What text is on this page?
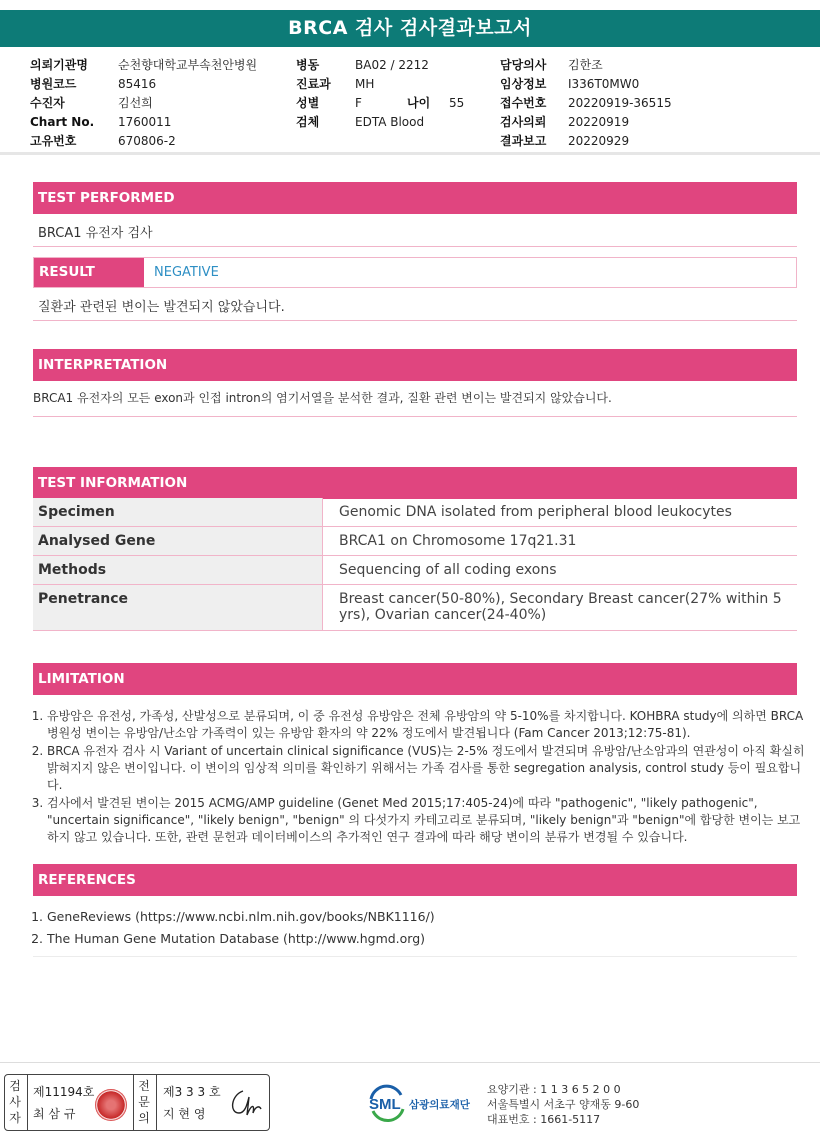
BRCA 검사 검사결과보고서
의뢰기관명	순천향대학교부속천안병원
병원코드	85416
수진자	김선희
Chart No. 1760011
고유번호	670806-2
병동	BA02 / 2212
진료과 MH
성별	F	나이 55
검체	EDTA Blood
담당의사 김한조
임상정보 I336T0MW0
접수번호 20220919-36515
검사의뢰 20220919
결과보고 20220929
TEST PERFORMED
BRCA1 유전자 검사
RESULT	NEGATIVE
질환과 관련된 변이는 발견되지 않았습니다.
INTERPRETATION
BRCA1 유전자의 모든 exon과 인접 intron의 염기서열을 분석한 결과, 질환 관련 변이는 발견되지 않았습니다.
TEST INFORMATION
Specimen	Genomic DNA isolated from peripheral blood leukocytes
Analysed Gene	BRCA1 on Chromosome 17q21.31
Methods	Sequencing of all coding exons
Penetrance	Breast cancer(50-80%), Secondary Breast cancer(27% within 5 yrs), Ovarian cancer(24-40%)
LIMITATION
1. 유방암은 유전성, 가족성, 산발성으로 분류되며, 이 중 유전성 유방암은 전체 유방암의 약 5-10%를 차지합니다. KOHBRA study에 의하면 BRCA 병원성 변이는 유방암/난소암 가족력이 있는 유방암 환자의 약 22% 정도에서 발견됩니다 (Fam Cancer 2013;12:75-81).
2. BRCA 유전자 검사 시 Variant of uncertain clinical significance (VUS)는 2-5% 정도에서 발견되며 유방암/난소암과의 연관성이 아직 확실히 밝혀지지 않은 변이입니다. 이 변이의 임상적 의미를 확인하기 위해서는 가족 검사를 통한 segregation analysis, control study 등이 필요합니다.
3. 검사에서 발견된 변이는 2015 ACMG/AMP guideline (Genet Med 2015;17:405-24)에 따라 "pathogenic", "likely pathogenic", "uncertain significance", "likely benign", "benign" 의 다섯가지 카테고리로 분류되며, "likely benign"과 "benign"에 합당한 변이는 보고하지 않고 있습니다. 또한, 관련 문헌과 데이터베이스의 추가적인 연구 결과에 따라 해당 변이의 분류가 변경될 수 있습니다.
REFERENCES
1. GeneReviews (https://www.ncbi.nlm.nih.gov/books/NBK1116/)
2. The Human Gene Mutation Database (http://www.hgmd.org)
검사자
제11194호
최 삼 규
전문의
제3 3 3 호
지 현 영
SML 삼광의료재단
요양기관 : 1 1 3 6 5 2 0 0
서울특별시 서초구 양재동 9-60
대표번호 : 1661-5117
